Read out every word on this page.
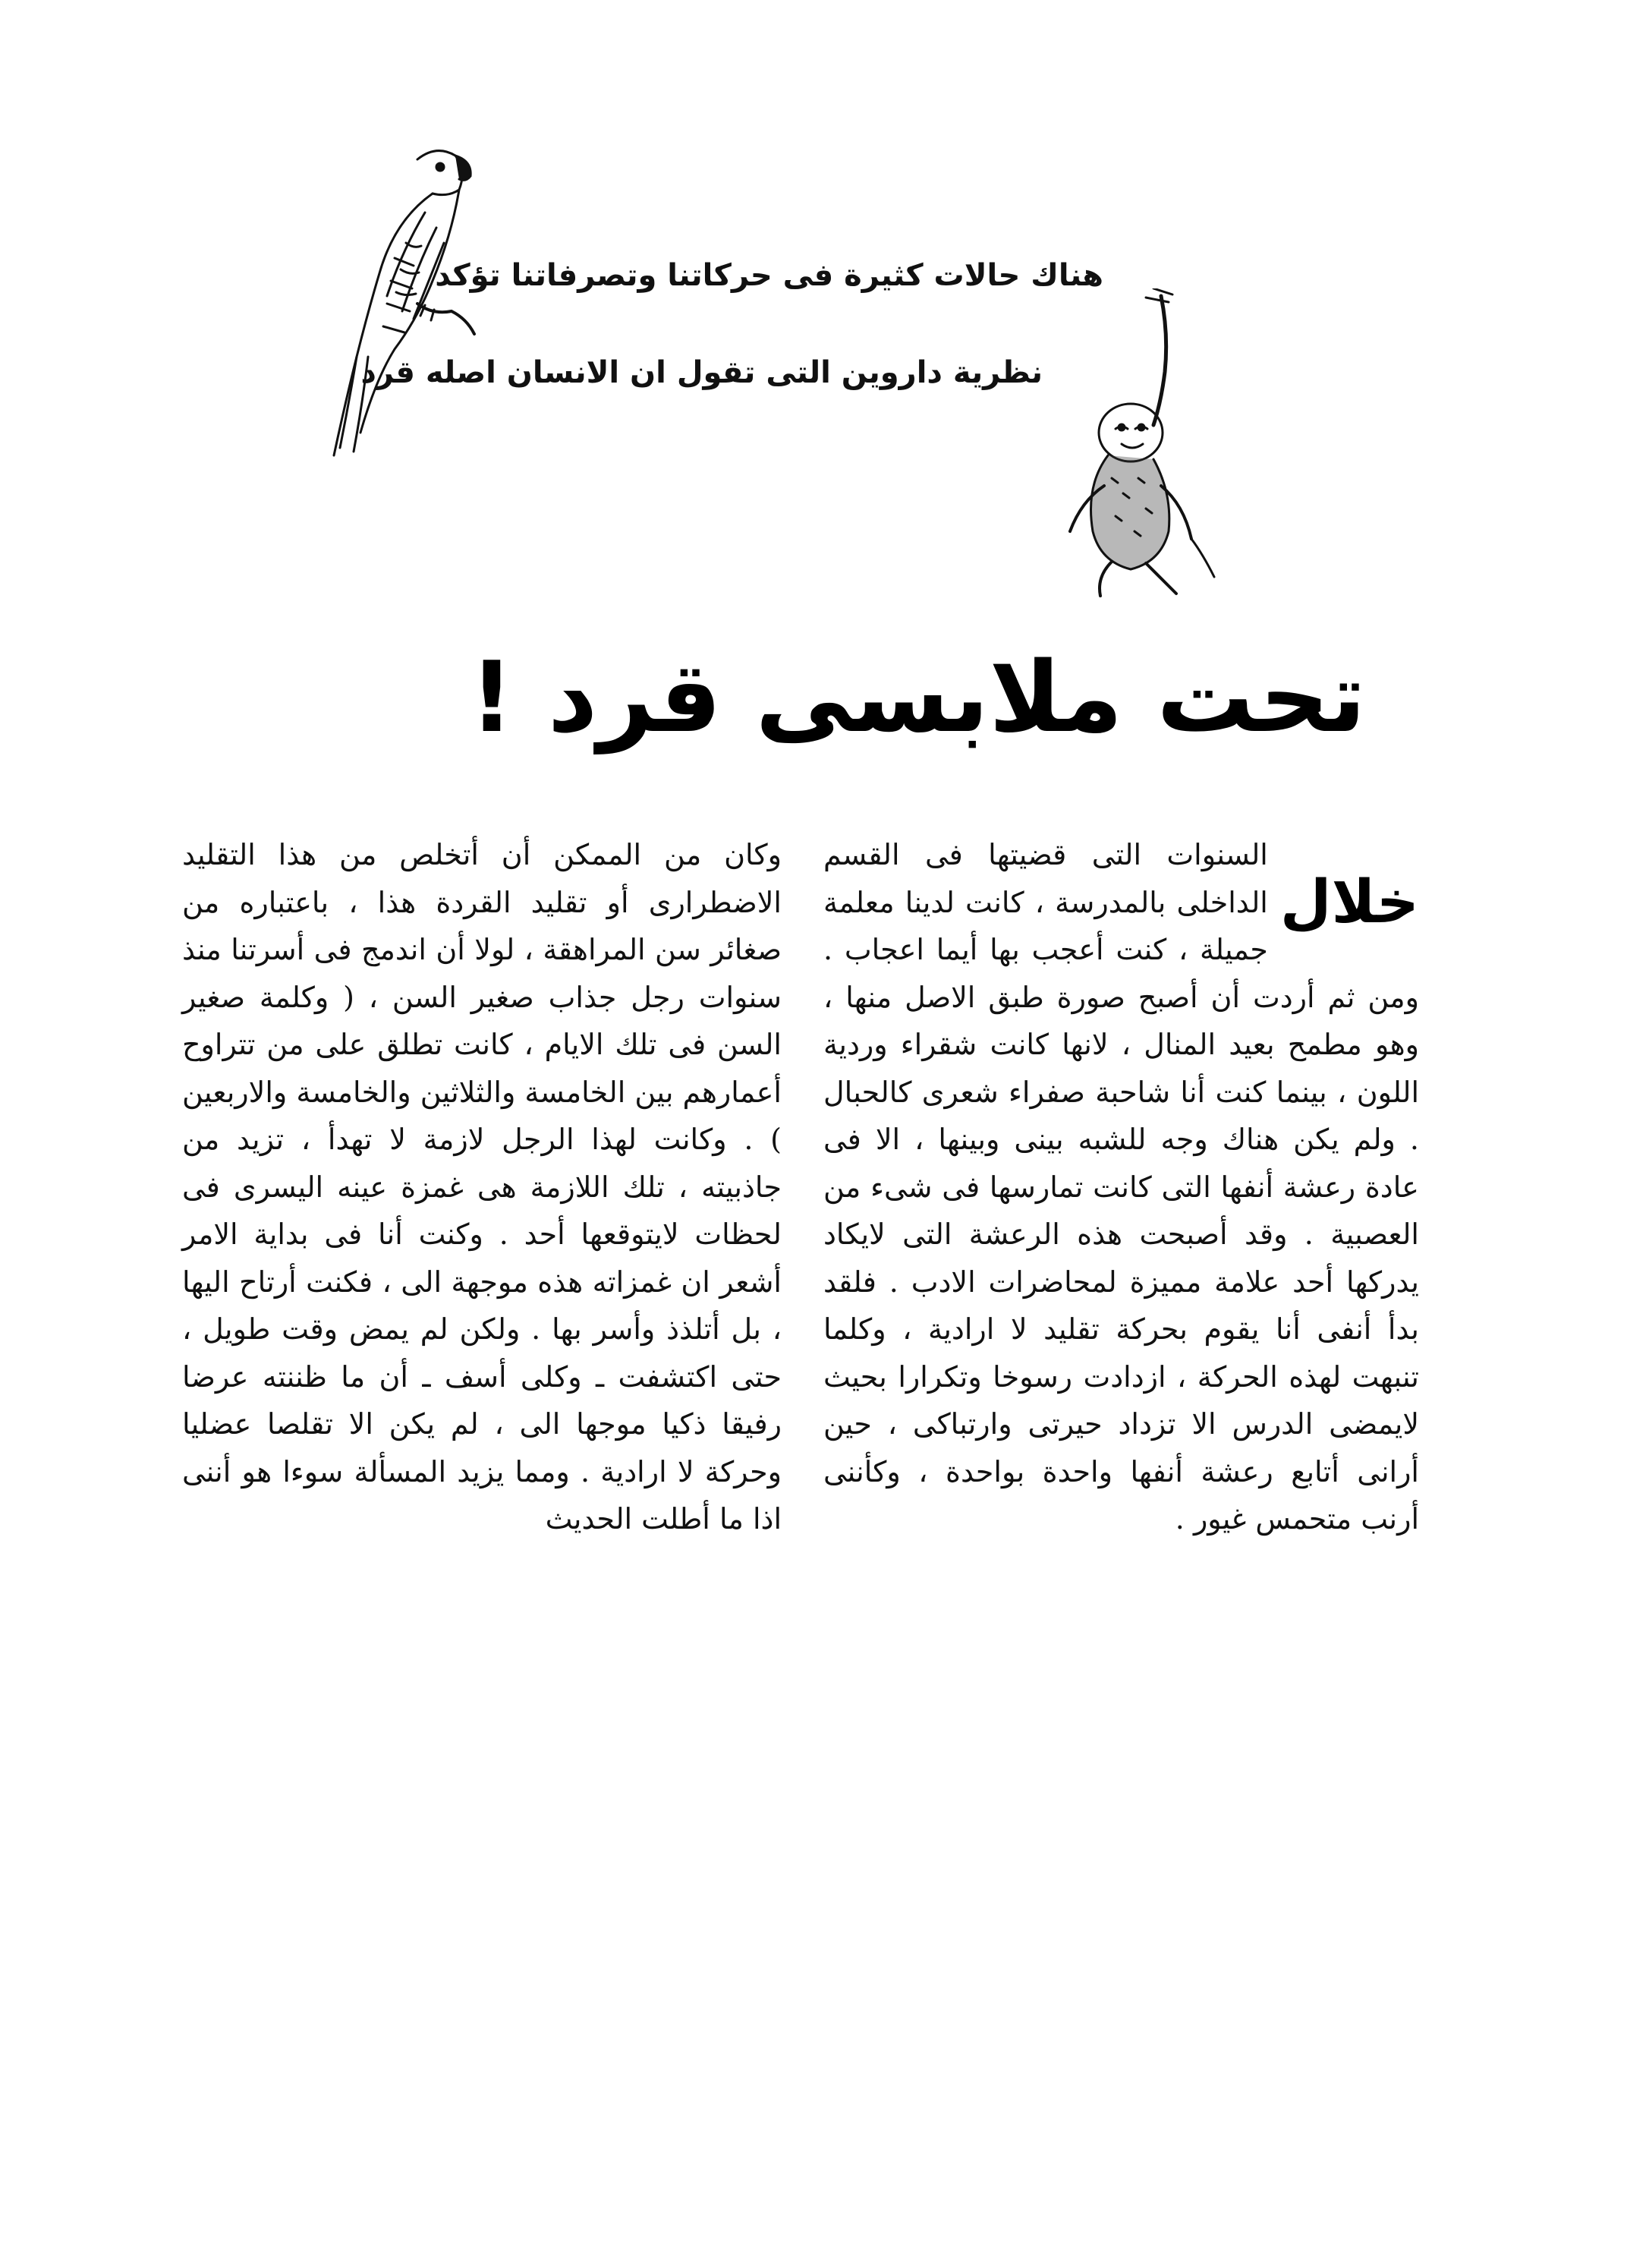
هناك حالات كثيرة فى حركاتنا وتصرفاتنا تؤكد
نظرية داروين التى تقول ان الانسان اصله قرد
تحت ملابسى قرد !
خلال

السنوات التى قضيتها فى القسم الداخلى بالمدرسة ، كانت لدينا معلمة جميلة ، كنت أعجب بها أيما اعجاب . ومن ثم أردت أن أصبح صورة طبق الاصل منها ، وهو مطمح بعيد المنال ، لانها كانت شقراء وردية اللون ، بينما كنت أنا شاحبة صفراء شعرى كالحبال . ولم يكن هناك وجه للشبه بينى وبينها ، الا فى عادة رعشة أنفها التى كانت تمارسها فى شىء من العصبية . وقد أصبحت هذه الرعشة التى لايكاد يدركها أحد علامة مميزة لمحاضرات الادب . فلقد بدأ أنفى أنا يقوم بحركة تقليد لا ارادية ، وكلما تنبهت لهذه الحركة ، ازدادت رسوخا وتكرارا بحيث لايمضى الدرس الا تزداد حيرتى وارتباكى ، حين أرانى أتابع رعشة أنفها واحدة بواحدة ، وكأننى أرنب متحمس غيور .

وكان من الممكن أن أتخلص من هذا التقليد الاضطرارى أو تقليد القردة هذا ، باعتباره من صغائر سن المراهقة ، لولا أن اندمج فى أسرتنا منذ سنوات رجل جذاب صغير السن ، ( وكلمة صغير السن فى تلك الايام ، كانت تطلق على من تتراوح أعمارهم بين الخامسة والثلاثين والخامسة والاربعين ) . وكانت لهذا الرجل لازمة لا تهدأ ، تزيد من جاذبيته ، تلك اللازمة هى غمزة عينه اليسرى فى لحظات لايتوقعها أحد . وكنت أنا فى بداية الامر أشعر ان غمزاته هذه موجهة الى ، فكنت أرتاح اليها ، بل أتلذذ وأسر بها . ولكن لم يمض وقت طويل ، حتى اكتشفت ـ وكلى أسف ـ أن ما ظننته عرضا رفيقا ذكيا موجها الى ، لم يكن الا تقلصا عضليا وحركة لا ارادية . ومما يزيد المسألة سوءا هو أننى اذا ما أطلت الحديث
